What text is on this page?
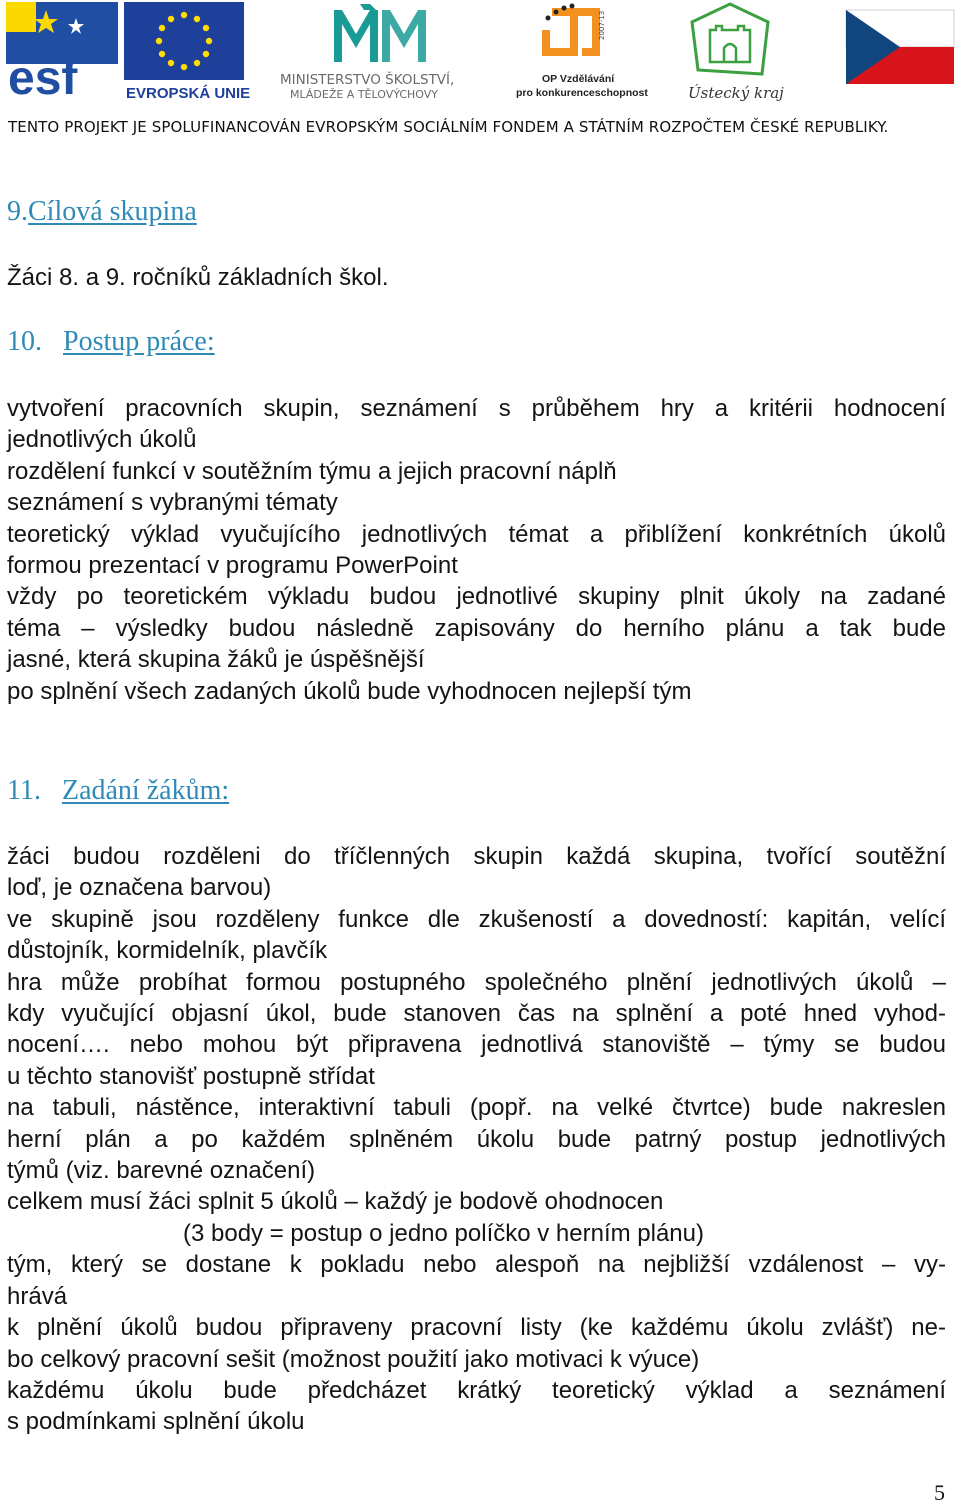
esf	EVROPSKÁ UNIE
MINISTERSTVO ŠKOLSTVÍ,
MLÁDEŽE A TĚLOVÝCHOVY
2007-13
OP Vzdělávání
pro konkurenceschopnost	Ústecký kraj
TENTO PROJEKT JE SPOLUFINANCOVÁN EVROPSKÝM SOCIÁLNÍM FONDEM A STÁTNÍM ROZPOČTEM ČESKÉ REPUBLIKY.
9.Cílová skupina
Žáci 8. a 9. ročníků základních škol.
10. Postup práce:
vytvoření pracovních skupin, seznámení s průběhem hry a kritérii hodnocení
jednotlivých úkolů
rozdělení funkcí v soutěžním týmu a jejich pracovní náplň
seznámení s vybranými tématy
teoretický výklad vyučujícího jednotlivých témat a přiblížení konkrétních úkolů
formou prezentací v programu PowerPoint
vždy po teoretickém výkladu budou jednotlivé skupiny plnit úkoly na zadané
téma – výsledky budou následně zapisovány do herního plánu a tak bude
jasné, která skupina žáků je úspěšnější
po splnění všech zadaných úkolů bude vyhodnocen nejlepší tým
11. Zadání žákům:
žáci budou rozděleni do tříčlenných skupin každá skupina, tvořící soutěžní
loď, je označena barvou)
ve skupině jsou rozděleny funkce dle zkušeností a dovedností: kapitán, velící
důstojník, kormidelník, plavčík
hra může probíhat formou postupného společného plnění jednotlivých úkolů –
kdy vyučující objasní úkol, bude stanoven čas na splnění a poté hned vyhod-
nocení…. nebo mohou být připravena jednotlivá stanoviště – týmy se budou
u těchto stanovišť postupně střídat
na tabuli, nástěnce, interaktivní tabuli (popř. na velké čtvrtce) bude nakreslen
herní plán a po každém splněném úkolu bude patrný postup jednotlivých
týmů (viz. barevné označení)
celkem musí žáci splnit 5 úkolů – každý je bodově ohodnocen
(3 body = postup o jedno políčko v herním plánu)
tým, který se dostane k pokladu nebo alespoň na nejbližší vzdálenost – vy-
hrává
k plnění úkolů budou připraveny pracovní listy (ke každému úkolu zvlášť) ne-
bo celkový pracovní sešit (možnost použití jako motivaci k výuce)
každému úkolu bude předcházet krátký teoretický výklad a seznámení
s podmínkami splnění úkolu
5
